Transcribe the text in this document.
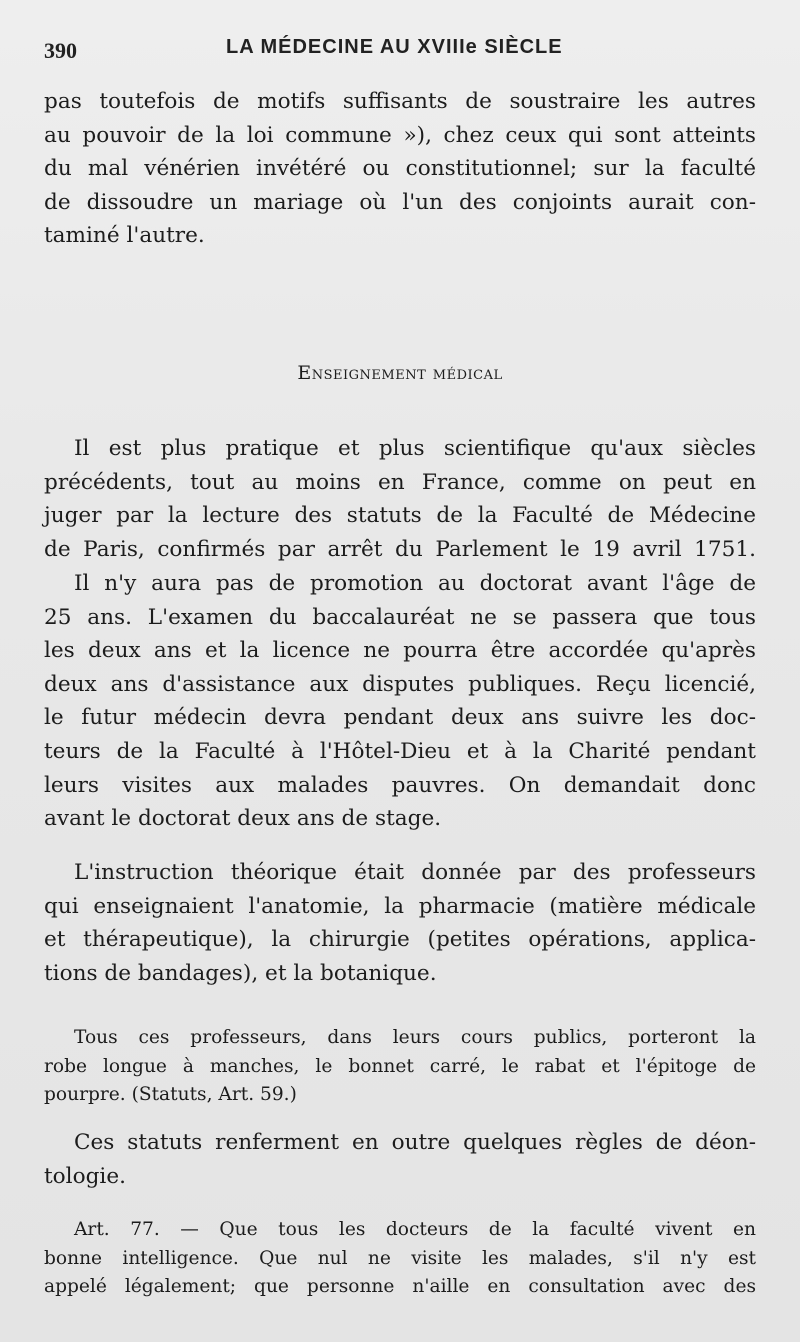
390	LA MÉDECINE AU XVIIIe SIÈCLE
pas toutefois de motifs suffisants de soustraire les autres
au pouvoir de la loi commune »), chez ceux qui sont atteints
du mal vénérien invétéré ou constitutionnel; sur la faculté
de dissoudre un mariage où l'un des conjoints aurait con-
taminé l'autre.
Enseignement médical
Il est plus pratique et plus scientifique qu'aux siècles
précédents, tout au moins en France, comme on peut en
juger par la lecture des statuts de la Faculté de Médecine
de Paris, confirmés par arrêt du Parlement le 19 avril 1751.
Il n'y aura pas de promotion au doctorat avant l'âge de
25 ans. L'examen du baccalauréat ne se passera que tous
les deux ans et la licence ne pourra être accordée qu'après
deux ans d'assistance aux disputes publiques. Reçu licencié,
le futur médecin devra pendant deux ans suivre les doc-
teurs de la Faculté à l'Hôtel-Dieu et à la Charité pendant
leurs visites aux malades pauvres. On demandait donc
avant le doctorat deux ans de stage.
L'instruction théorique était donnée par des professeurs
qui enseignaient l'anatomie, la pharmacie (matière médicale
et thérapeutique), la chirurgie (petites opérations, applica-
tions de bandages), et la botanique.
Tous ces professeurs, dans leurs cours publics, porteront la
robe longue à manches, le bonnet carré, le rabat et l'épitoge de
pourpre. (Statuts, Art. 59.)
Ces statuts renferment en outre quelques règles de déon-
tologie.
Art. 77. — Que tous les docteurs de la faculté vivent en
bonne intelligence. Que nul ne visite les malades, s'il n'y est
appelé légalement; que personne n'aille en consultation avec des
